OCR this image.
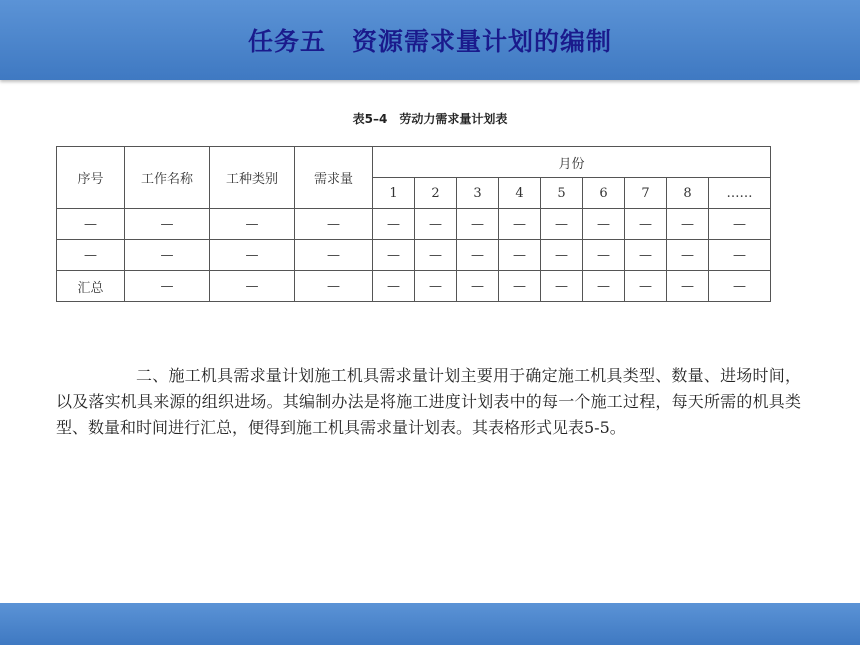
任务五　资源需求量计划的编制
表5–4　劳动力需求量计划表
序号	工作名称	工种类别	需求量	月份								
				1	2	3	4	5	6	7	8	……
—	—	—	—	—	—	—	—	—	—	—	—	—
—	—	—	—	—	—	—	—	—	—	—	—	—
汇总	—	—	—	—	—	—	—	—	—	—	—	—

二、施工机具需求量计划施工机具需求量计划主要用于确定施工机具类型、数量、进场时间，以及落实机具来源的组织进场。其编制办法是将施工进度计划表中的每一个施工过程，每天所需的机具类型、数量和时间进行汇总，便得到施工机具需求量计划表。其表格形式见表5-5。
